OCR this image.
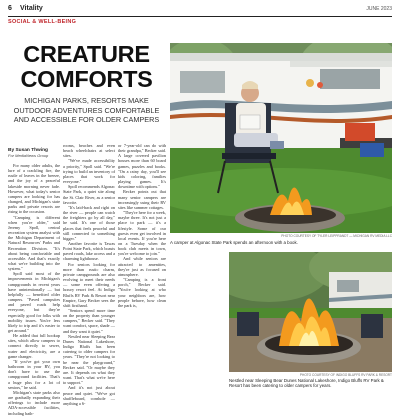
6 Vitality	JUNE 2023
SOCIAL & WELL-BEING
CREATURE COMFORTS
MICHIGAN PARKS, RESORTS MAKE OUTDOOR ADVENTURES COMFORTABLE AND ACCESSIBLE FOR OLDER CAMPERS
By Susan Thwing
For MediaNews Group

For many older adults, the lure of a crackling fire, the rustle of leaves in the breeze, and the joy of a peaceful lakeside morning never fade. However, what today's senior campers are looking for has changed, and Michigan's state parks and private resorts are rising to the occasion.

"Camping is different when you're older," said Jeremy Spoll, central recreation system analyst with the Michigan Department of Natural Resources' Parks and Recreation Division. "It's about being comfortable and accessible. And that's exactly what we're building into the system."

Spoll said most of the improvements in Michigan's campgrounds in recent years have unintentionally — but helpfully — benefited older campers. "Paved campsites and paved roads help everyone, but they're especially good for folks with mobility issues. You're less likely to trip and it's easier to get around."

He added that full hookup sites, which allow campers to connect directly to sewer, water and electricity, are a game changer.

"If you've got your own bathroom in your RV, you don't have to use the campground facilities. That's a huge plus for a lot of seniors," he said.

Michigan's state parks also are gradually expanding their offerings to include more ADA-accessible facilities, including bath-

rooms, beaches and even beach wheelchairs at select sites.

"We've made accessibility a priority," Spoll said. "We're trying to build an inventory of places that work for everyone."

Spoll recommends Algonac State Park, a quiet site along the St. Clair River, as a senior favorite.

"It's laid-back and right on the river — people can watch the freighters go by all day," he said. It's one of those places that feels peaceful and still connected to something bigger."

Another favorite is Tawas Point State Park, which boasts paved roads, lake access and a charming lighthouse.

For seniors looking for more than rustic charm, private campgrounds are also evolving to meet their needs — some even offering a luxury resort feel. At Indigo Bluffs RV Park & Resort near Empire, Gary Becker sees the shift firsthand.

"Seniors spend more time on the property than younger campers," Becker said. "They want comfort, space, shade — and they want it quiet."

Nestled near Sleeping Bear Dunes National Lakeshore, Indigo Bluffs has been catering to older campers for years. "They're not looking to be near the playground," Becker said. "Or maybe they are. It depends on what they want. That's what we're here to support."

And it's not just about peace and quiet. "We've got shuffleboard, cornhole — anything a 6-

or 7-year-old can do with their grandpa," Becker said. A large covered pavilion houses more than 60 board games, puzzles and books. "On a rainy day, you'll see kids coloring, families playing games. It's downtime with options."

Becker points out that many senior campers are increasingly using their RV sites like summer cottages.

"They're here for a week, maybe three. It's not just a place to park — it's a lifestyle. Some of our guests even get involved in local events. If you're here on a Tuesday when the book club meets in town, you're welcome to join."

And while seniors are attracted to amenities, they're just as focused on atmosphere.

"Camping is a front porch," Becker said. "You're looking at who your neighbors are, how people behave, how clean the park is,

PHOTO COURTESY OF TYLER LEIPPRANDT — MICHIGAN RV MEDIA LLC
A camper at Algonac State Park spends an afternoon with a book.
PHOTO COURTESY OF INDIGO BLUFFS RV PARK & RESORT
Nestled near Sleeping Bear Dunes National Lakeshore, Indigo Bluffs RV Park & Resort has been catering to older campers for years.
